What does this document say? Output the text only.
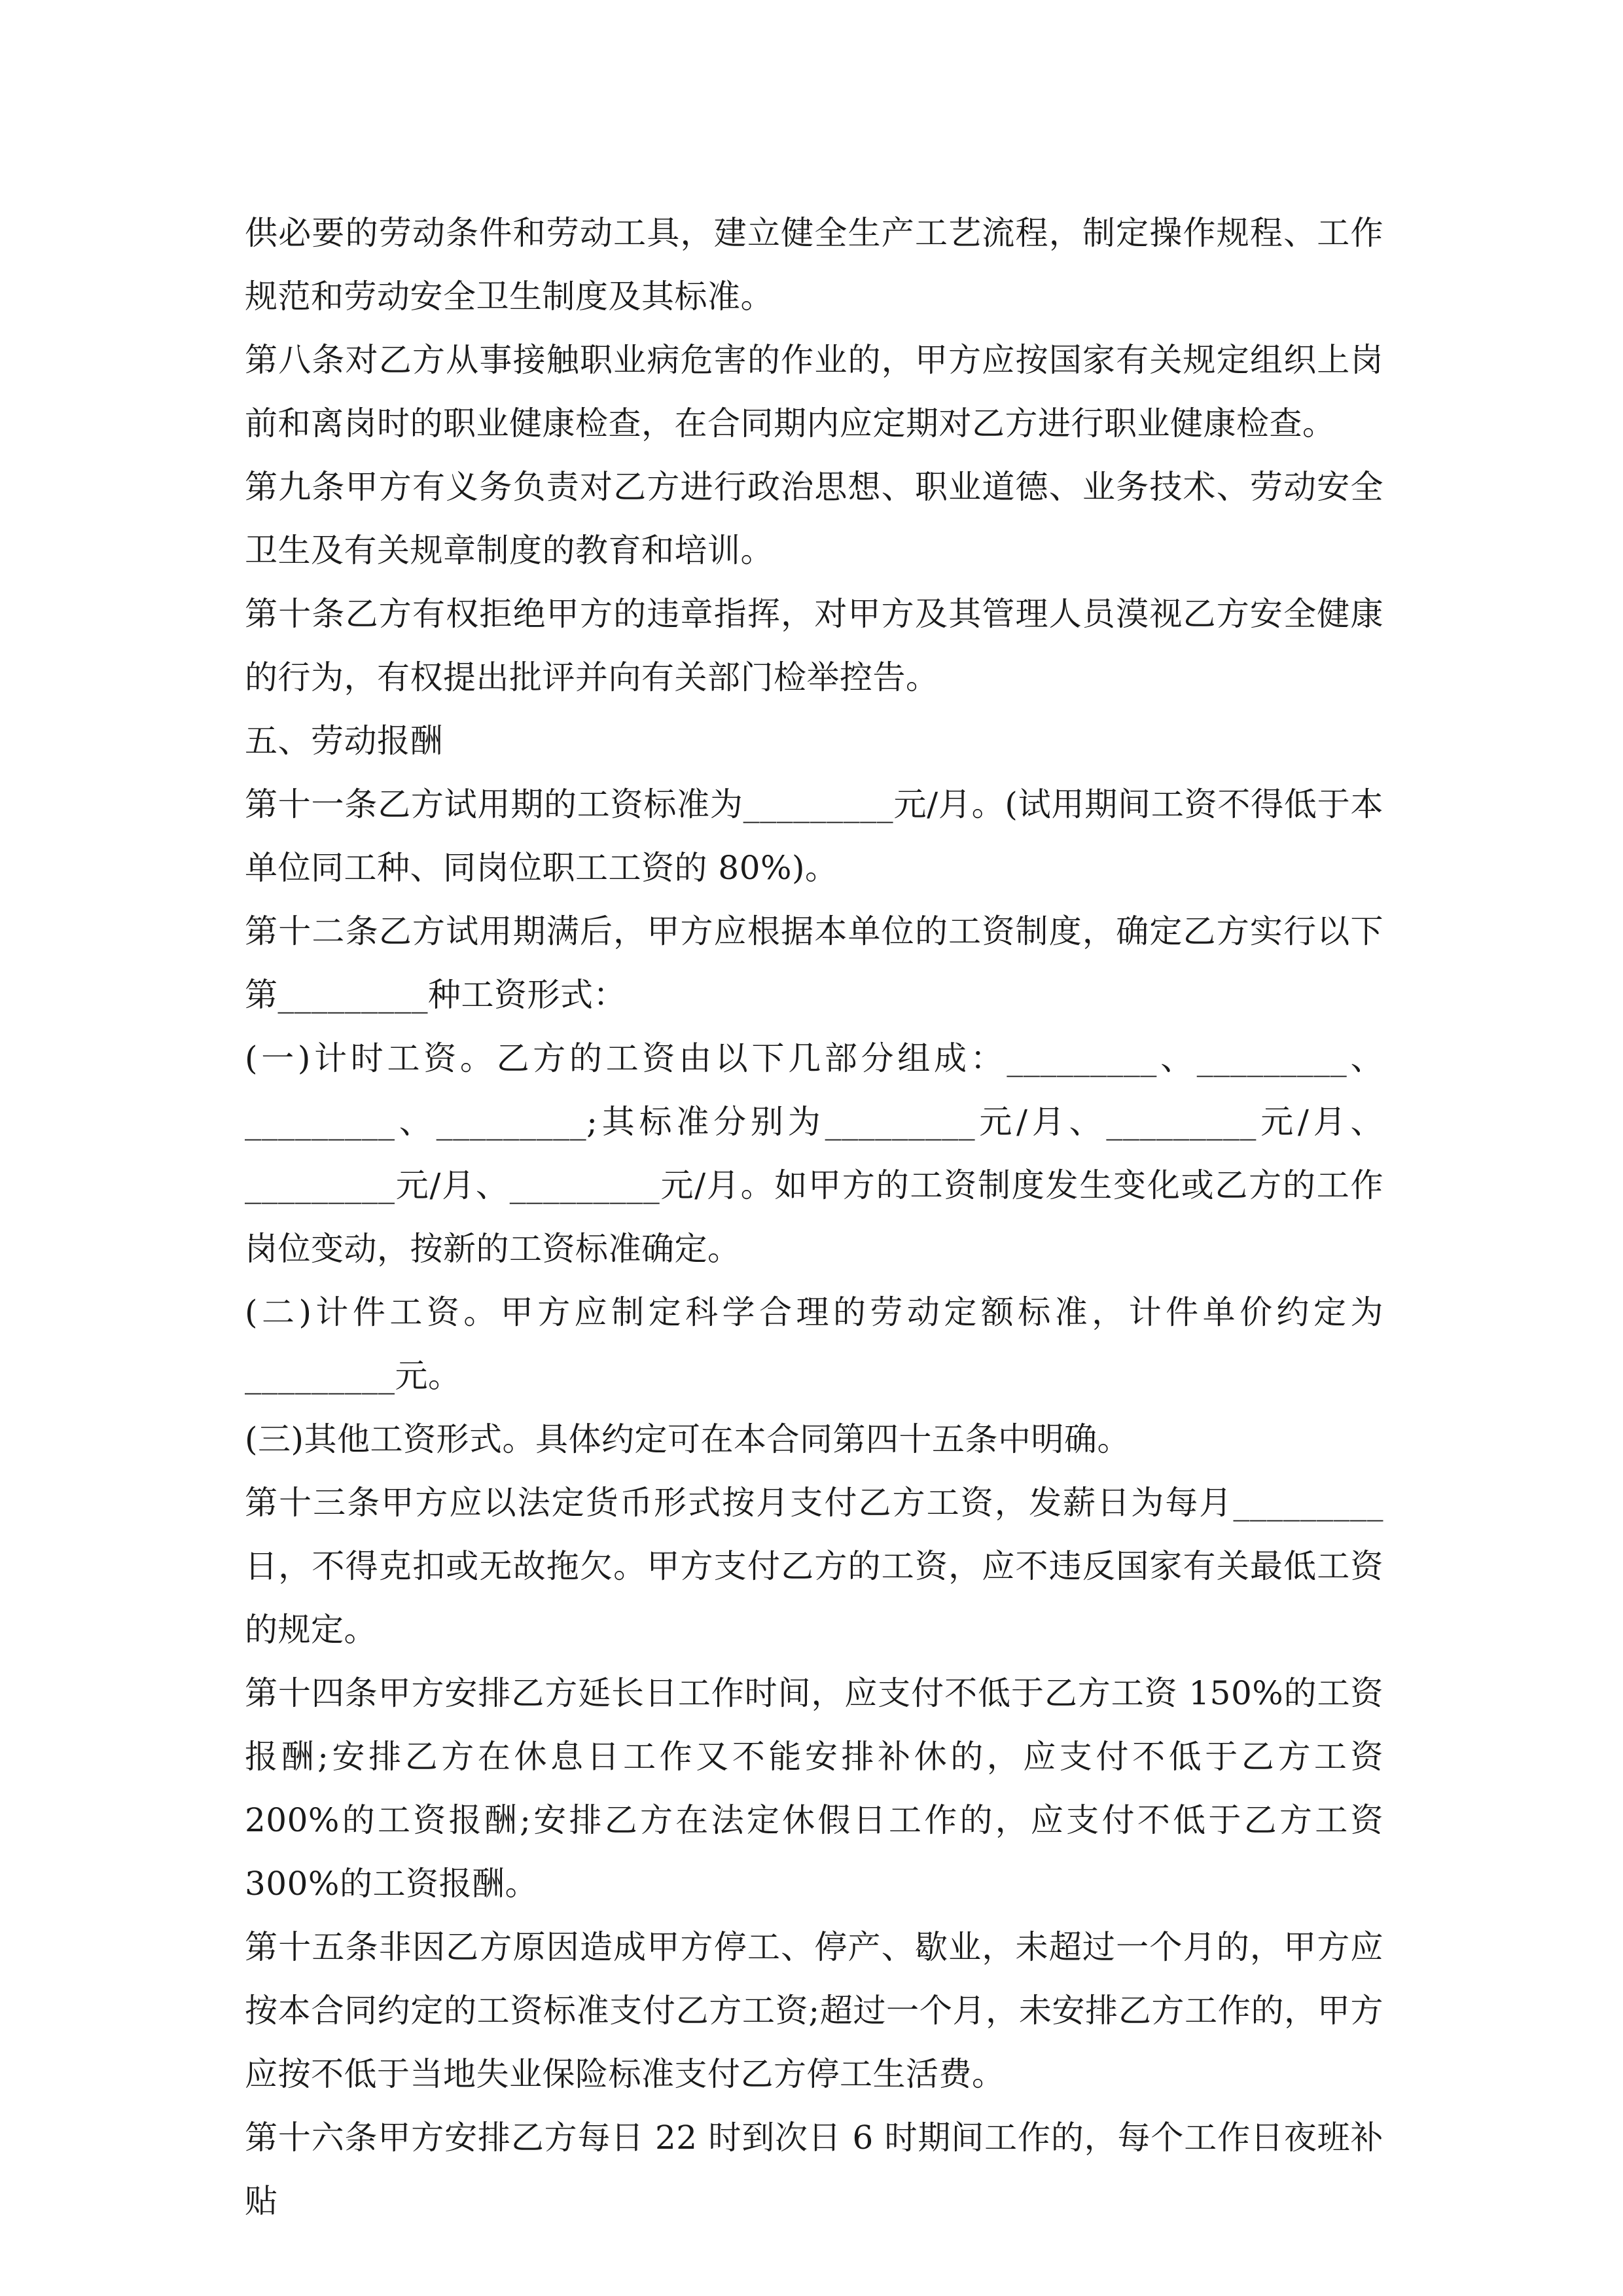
供必要的劳动条件和劳动工具，建立健全生产工艺流程，制定操作规程、工作规范和劳动安全卫生制度及其标准。

第八条对乙方从事接触职业病危害的作业的，甲方应按国家有关规定组织上岗前和离岗时的职业健康检查，在合同期内应定期对乙方进行职业健康检查。

第九条甲方有义务负责对乙方进行政治思想、职业道德、业务技术、劳动安全卫生及有关规章制度的教育和培训。

第十条乙方有权拒绝甲方的违章指挥，对甲方及其管理人员漠视乙方安全健康的行为，有权提出批评并向有关部门检举控告。

五、劳动报酬

第十一条乙方试用期的工资标准为_________元/月。(试用期间工资不得低于本单位同工种、同岗位职工工资的 80%)。

第十二条乙方试用期满后，甲方应根据本单位的工资制度，确定乙方实行以下第_________种工资形式：

(一)计时工资。乙方的工资由以下几部分组成：_________、_________、_________、_________;其标准分别为_________元/月、_________元/月、_________元/月、_________元/月。如甲方的工资制度发生变化或乙方的工作岗位变动，按新的工资标准确定。

(二)计件工资。甲方应制定科学合理的劳动定额标准，计件单价约定为_________元。

(三)其他工资形式。具体约定可在本合同第四十五条中明确。

第十三条甲方应以法定货币形式按月支付乙方工资，发薪日为每月_________日，不得克扣或无故拖欠。甲方支付乙方的工资，应不违反国家有关最低工资的规定。

第十四条甲方安排乙方延长日工作时间，应支付不低于乙方工资 150%的工资报酬;安排乙方在休息日工作又不能安排补休的，应支付不低于乙方工资 200%的工资报酬;安排乙方在法定休假日工作的，应支付不低于乙方工资 300%的工资报酬。

第十五条非因乙方原因造成甲方停工、停产、歇业，未超过一个月的，甲方应按本合同约定的工资标准支付乙方工资;超过一个月，未安排乙方工作的，甲方应按不低于当地失业保险标准支付乙方停工生活费。

第十六条甲方安排乙方每日 22 时到次日 6 时期间工作的，每个工作日夜班补贴
